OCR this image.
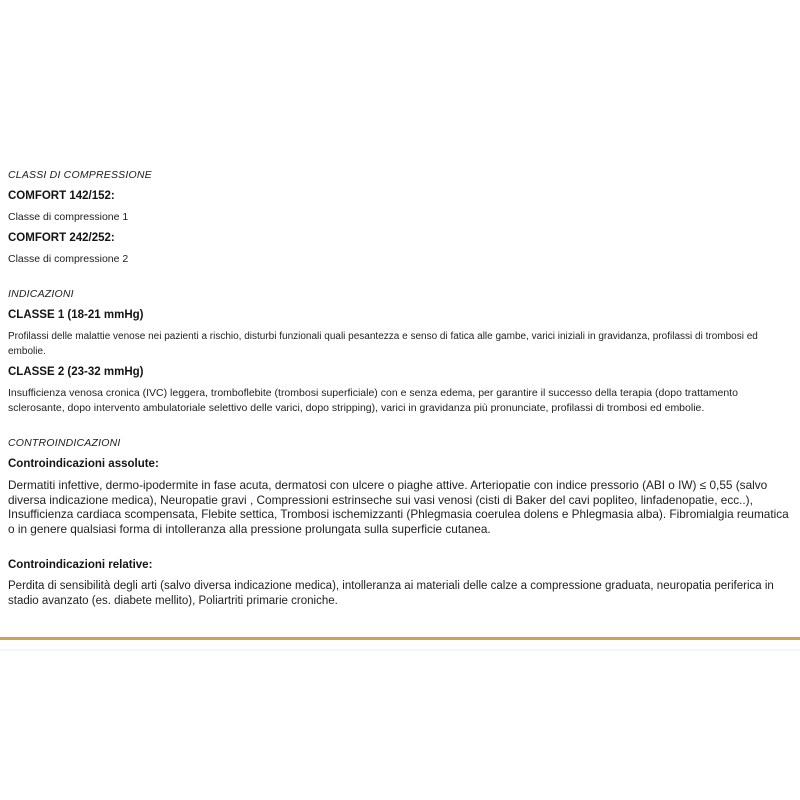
CLASSI DI COMPRESSIONE

COMFORT 142/152:

Classe di compressione 1

COMFORT 242/252:

Classe di compressione 2

INDICAZIONI

CLASSE 1 (18-21 mmHg)

Profilassi delle malattie venose nei pazienti a rischio, disturbi funzionali quali pesantezza e senso di fatica alle gambe, varici iniziali in gravidanza, profilassi di trombosi ed embolie.

CLASSE 2 (23-32 mmHg)

Insufficienza venosa cronica (IVC) leggera, tromboflebite (trombosi superficiale) con e senza edema, per garantire il successo della terapia (dopo trattamento sclerosante, dopo intervento ambulatoriale selettivo delle varici, dopo stripping), varici in gravidanza più pronunciate, profilassi di trombosi ed embolie.

CONTROINDICAZIONI

Controindicazioni assolute:

Dermatiti infettive, dermo-ipodermite in fase acuta, dermatosi con ulcere o piaghe attive. Arteriopatie con indice pressorio (ABI o IW) ≤ 0,55 (salvo diversa indicazione medica), Neuropatie gravi , Compressioni estrinseche sui vasi venosi (cisti di Baker del cavi popliteo, linfadenopatie, ecc..), Insufficienza cardiaca scompensata, Flebite settica, Trombosi ischemizzanti (Phlegmasia coerulea dolens e Phlegmasia alba). Fibromialgia reumatica o in genere qualsiasi forma di intolleranza alla pressione prolungata sulla superficie cutanea.

Controindicazioni relative:

Perdita di sensibilità degli arti (salvo diversa indicazione medica), intolleranza ai materiali delle calze a compressione graduata, neuropatia periferica in stadio avanzato (es. diabete mellito), Poliartriti primarie croniche.
